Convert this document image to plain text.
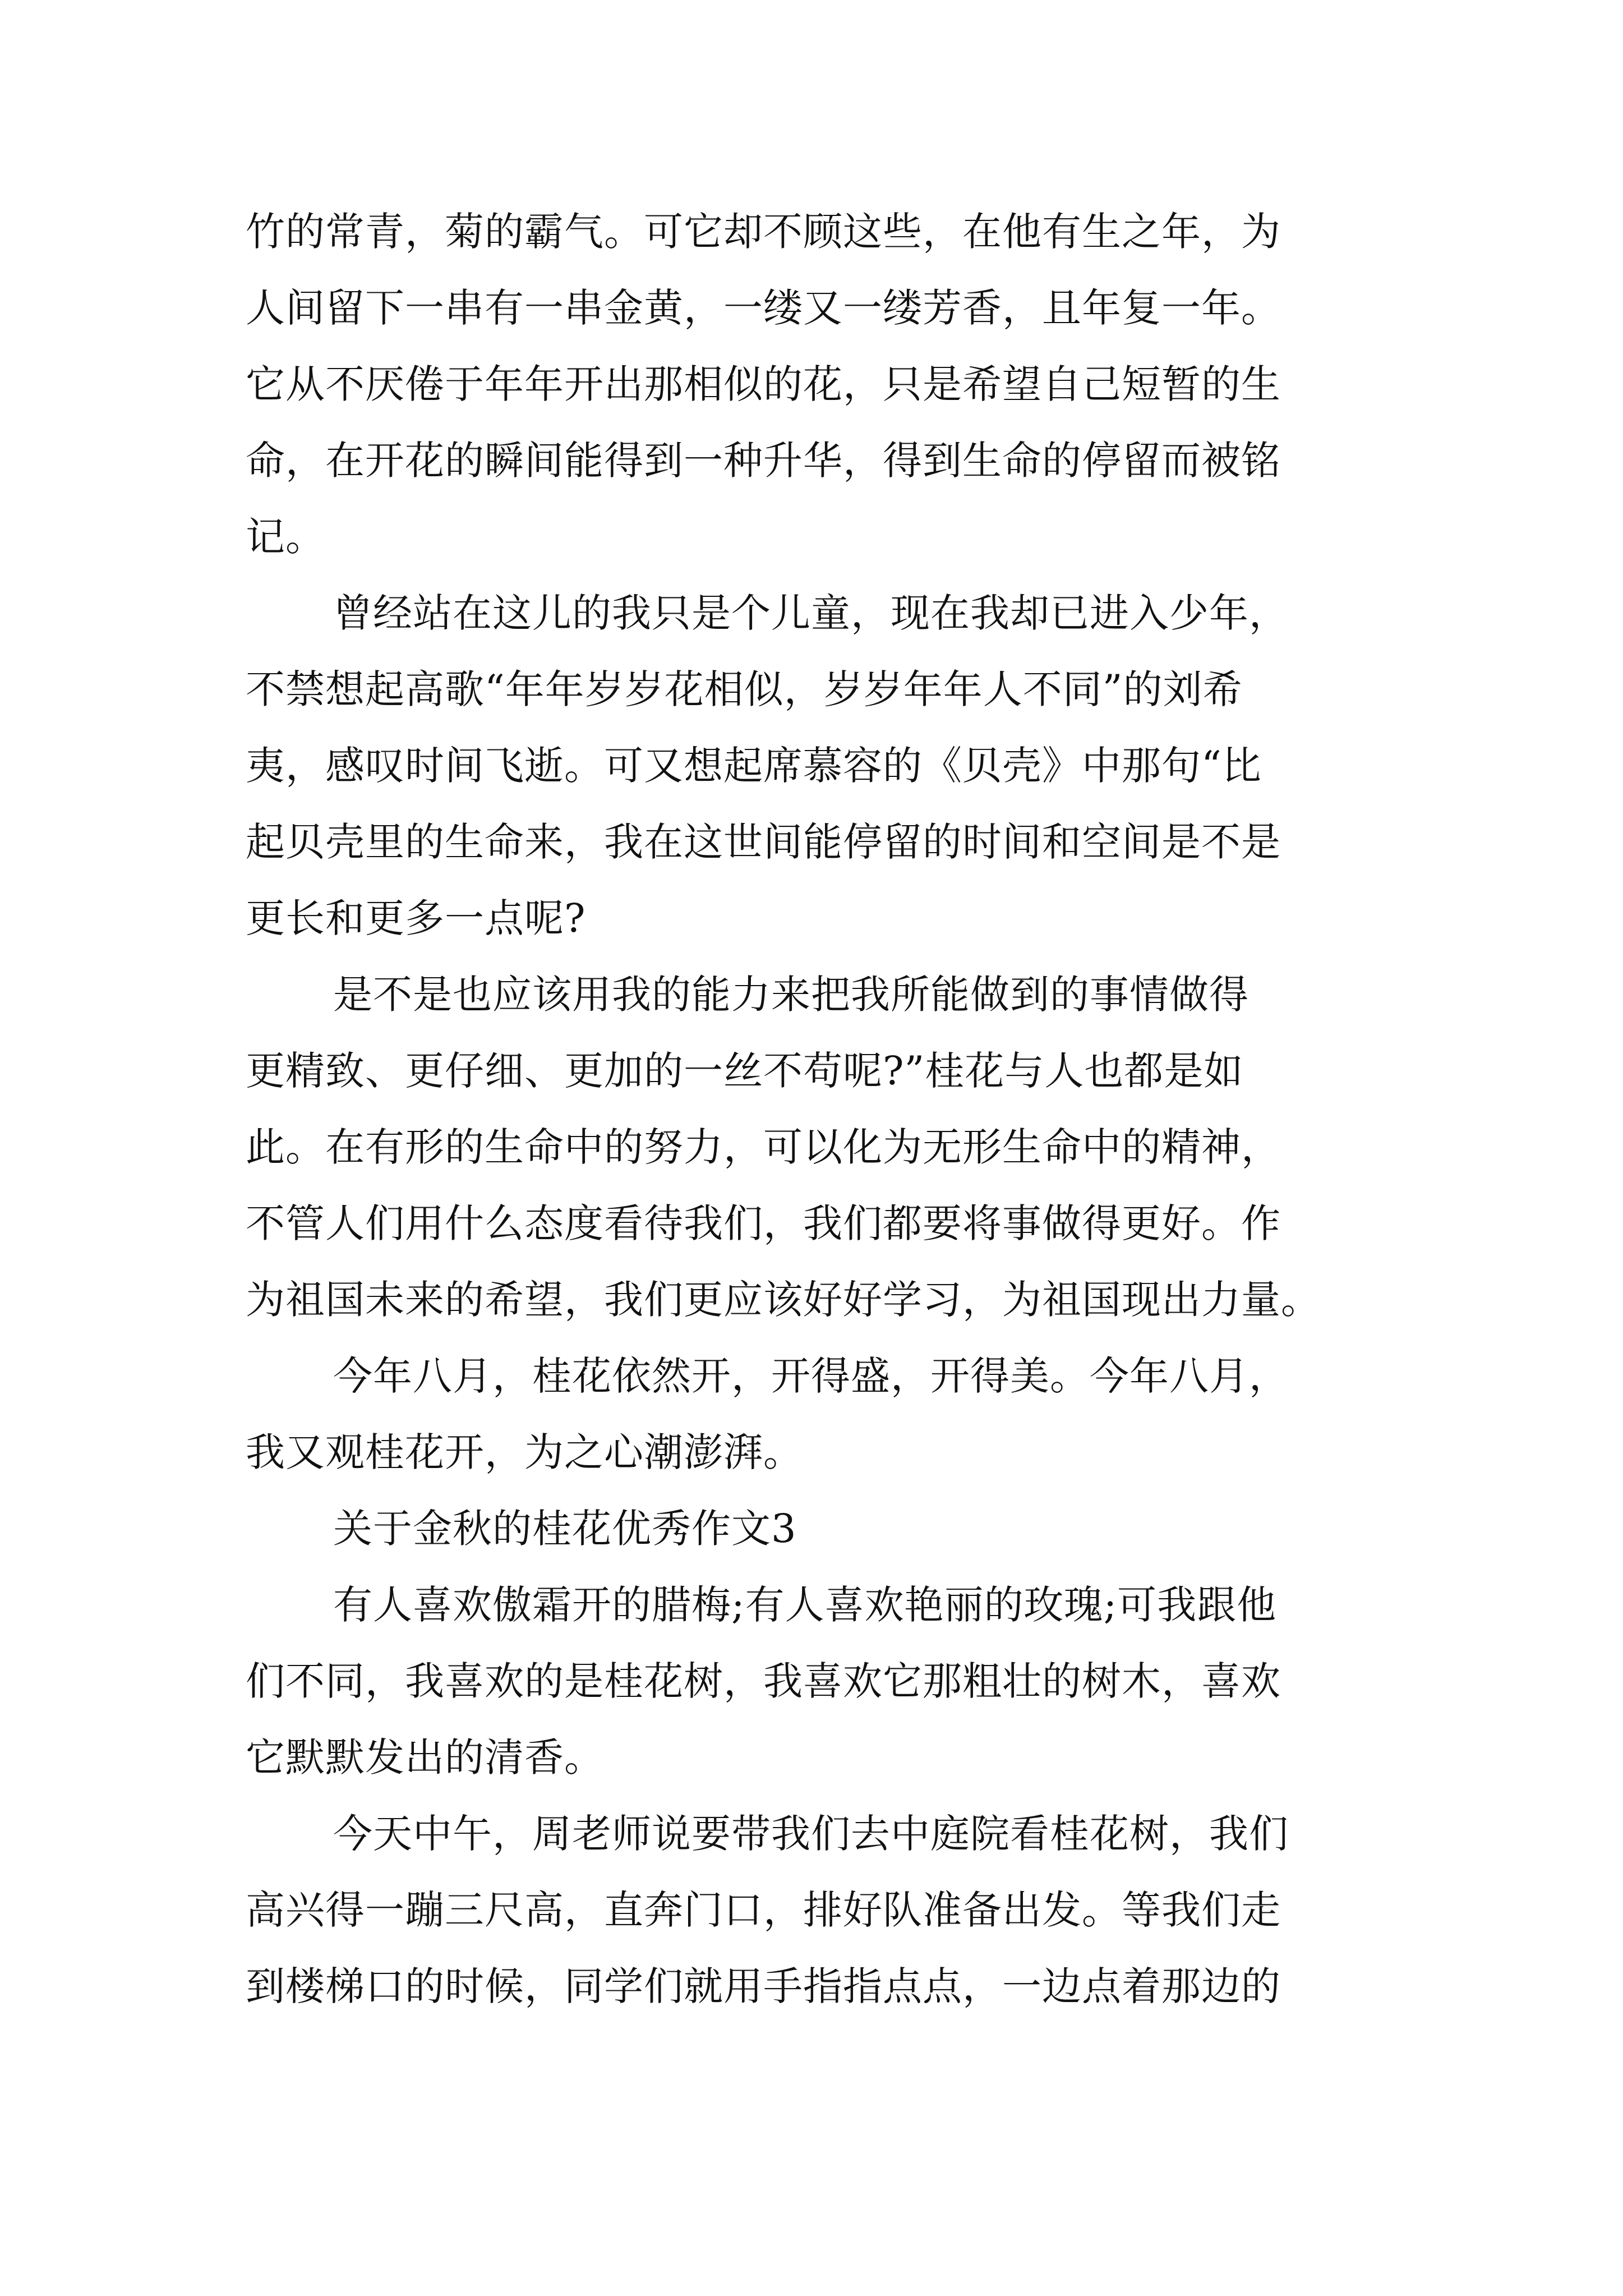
竹的常青，菊的霸气。可它却不顾这些，在他有生之年，为

人间留下一串有一串金黄，一缕又一缕芳香，且年复一年。

它从不厌倦于年年开出那相似的花，只是希望自己短暂的生

命，在开花的瞬间能得到一种升华，得到生命的停留而被铭

记。

曾经站在这儿的我只是个儿童，现在我却已进入少年，

不禁想起高歌“年年岁岁花相似，岁岁年年人不同”的刘希

夷，感叹时间飞逝。可又想起席慕容的《贝壳》中那句“比

起贝壳里的生命来，我在这世间能停留的时间和空间是不是

更长和更多一点呢?

是不是也应该用我的能力来把我所能做到的事情做得

更精致、更仔细、更加的一丝不苟呢?”桂花与人也都是如

此。在有形的生命中的努力，可以化为无形生命中的精神，

不管人们用什么态度看待我们，我们都要将事做得更好。作

为祖国未来的希望，我们更应该好好学习，为祖国现出力量。

今年八月，桂花依然开，开得盛，开得美。今年八月，

我又观桂花开，为之心潮澎湃。

关于金秋的桂花优秀作文3

有人喜欢傲霜开的腊梅;有人喜欢艳丽的玫瑰;可我跟他

们不同，我喜欢的是桂花树，我喜欢它那粗壮的树木，喜欢

它默默发出的清香。

今天中午，周老师说要带我们去中庭院看桂花树，我们

高兴得一蹦三尺高，直奔门口，排好队准备出发。等我们走

到楼梯口的时候，同学们就用手指指点点，一边点着那边的
